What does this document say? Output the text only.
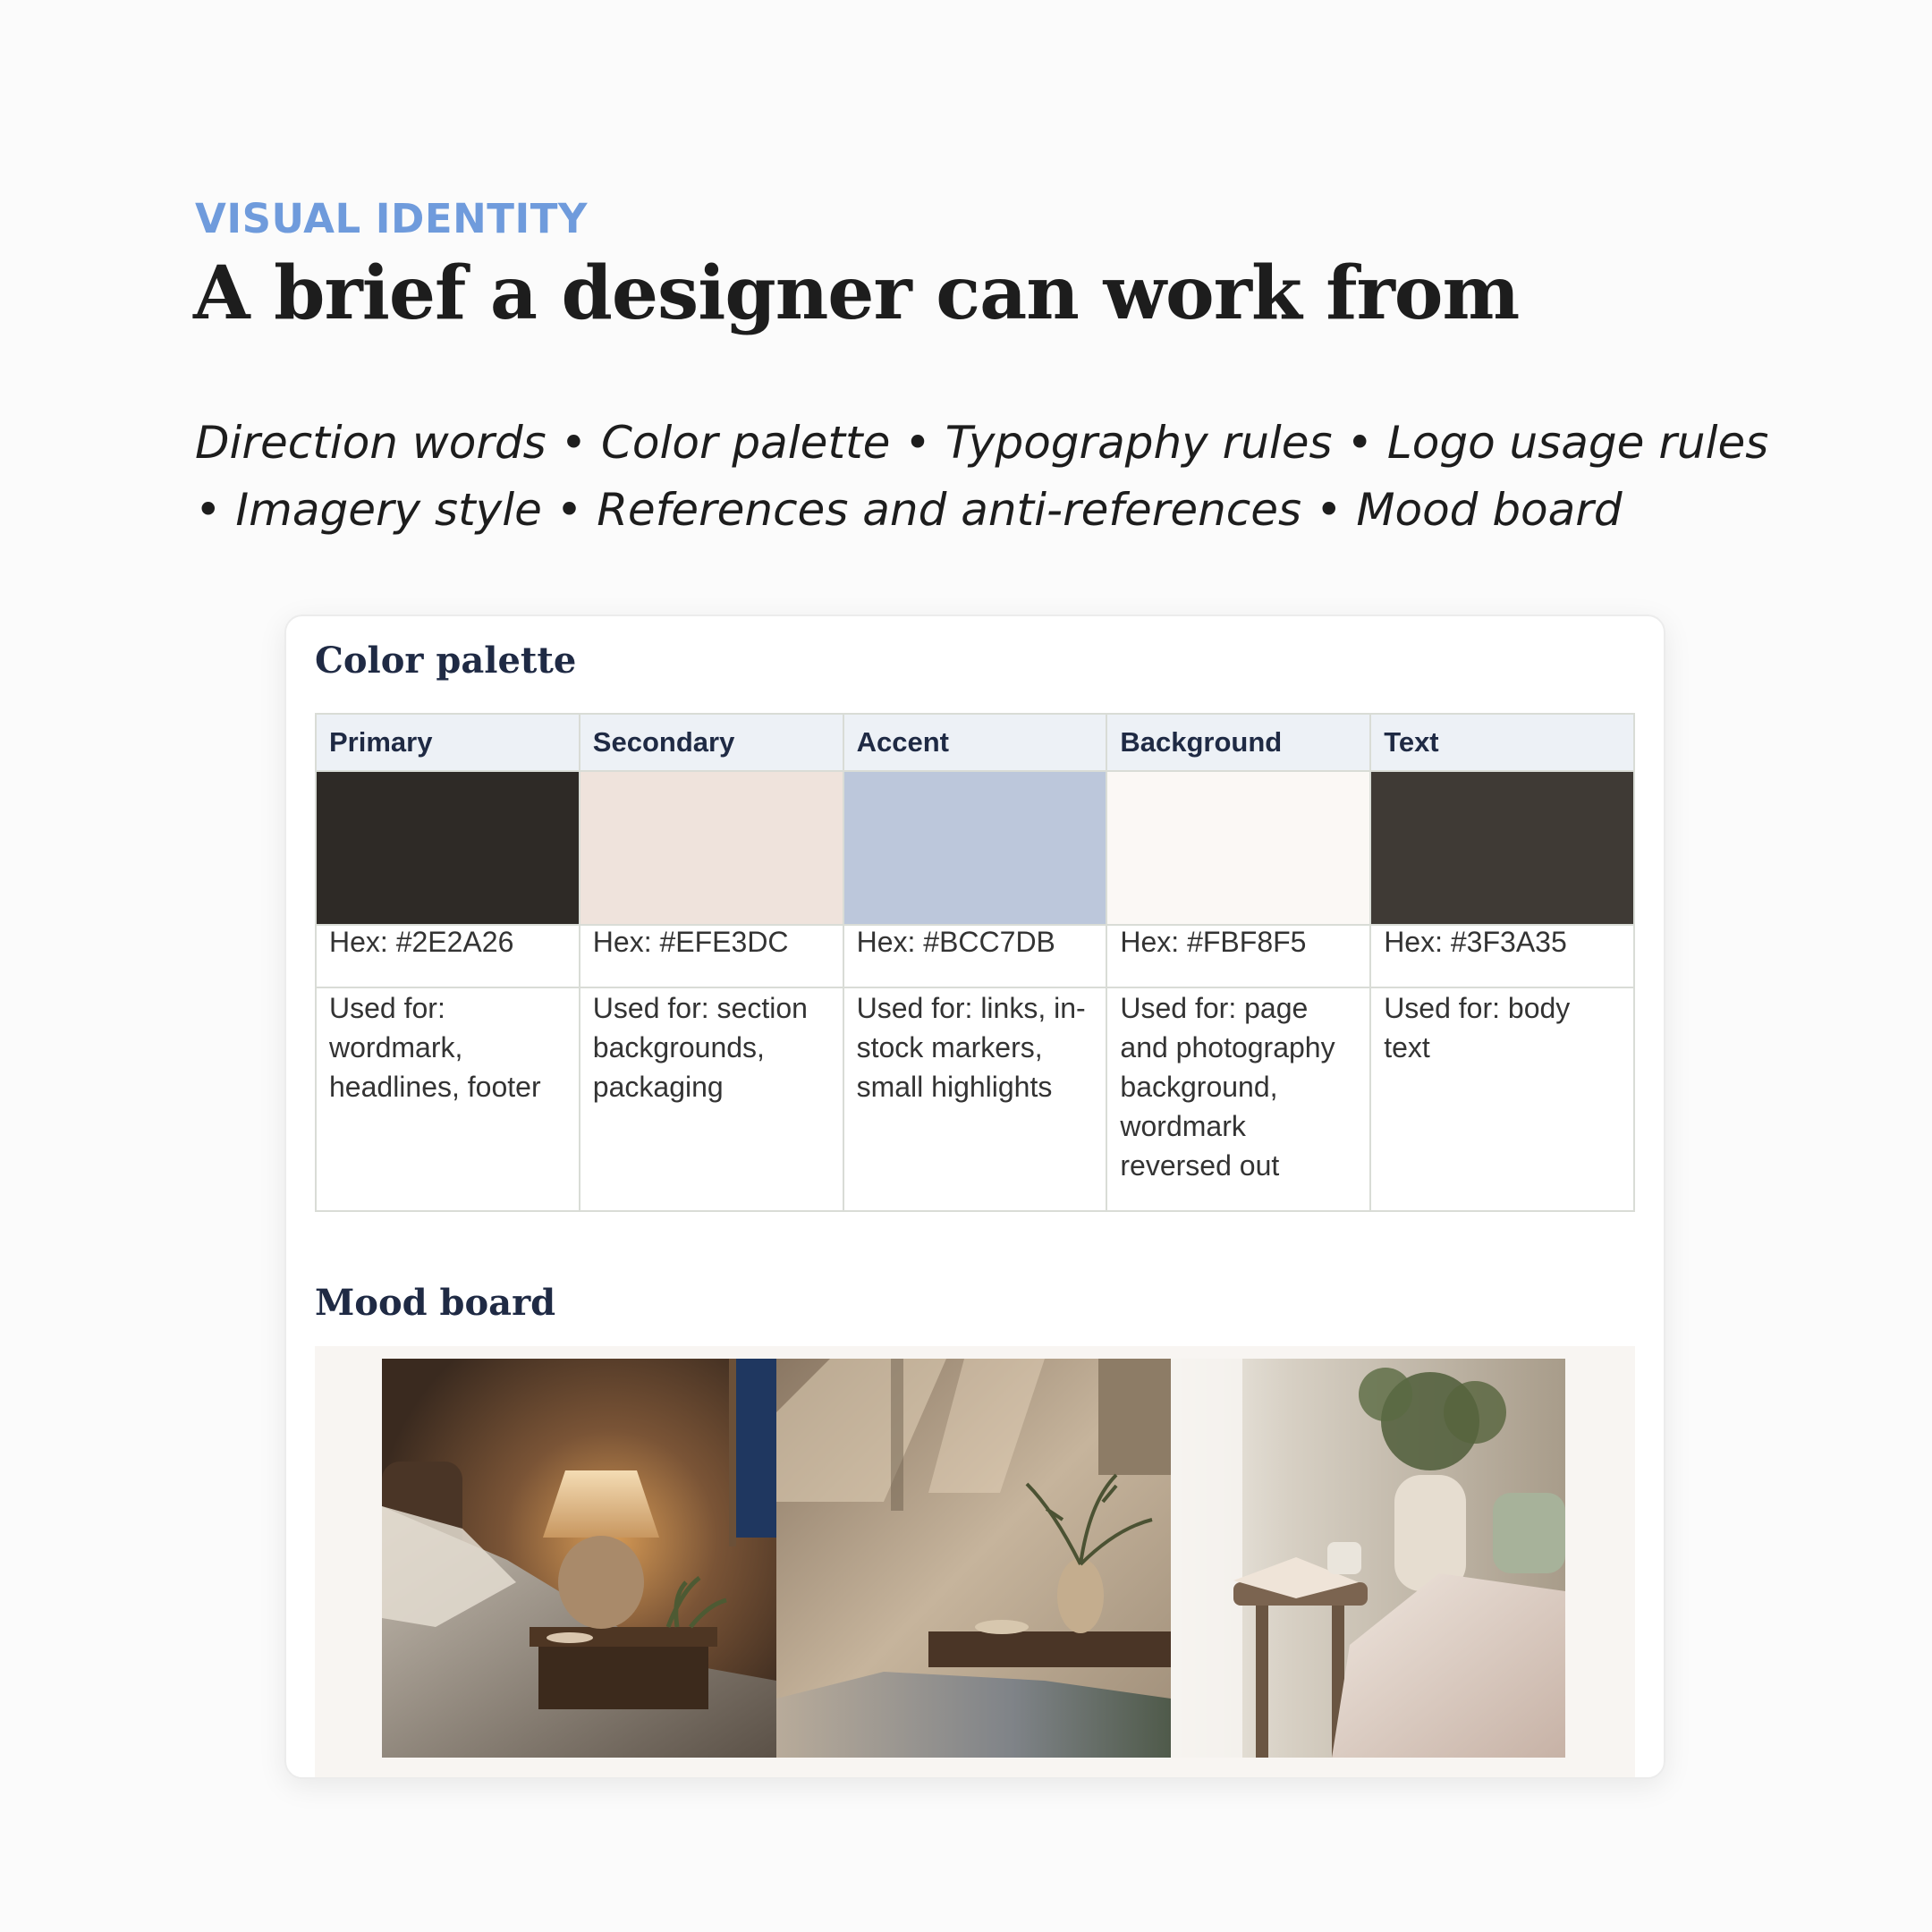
VISUAL IDENTITY
A brief a designer can work from
Direction words • Color palette • Typography rules • Logo usage rules • Imagery style • References and anti-references • Mood board
Color palette
Primary	Secondary	Accent	Background	Text

Hex: #2E2A26	Hex: #EFE3DC	Hex: #BCC7DB	Hex: #FBF8F5	Hex: #3F3A35
Used for: wordmark, headlines, footer	Used for: section backgrounds, packaging	Used for: links, in-stock markers, small highlights	Used for: page and photography background, wordmark reversed out	Used for: body text
Mood board
